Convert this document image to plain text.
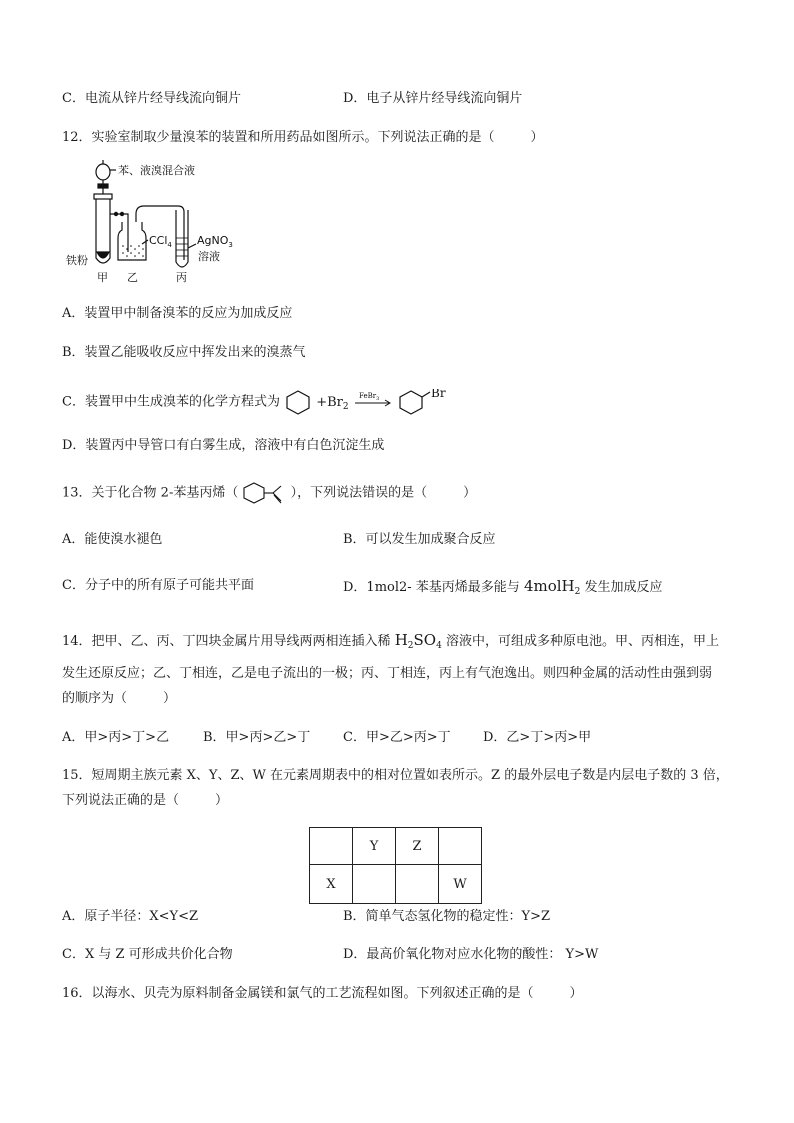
C．电流从锌片经导线流向铜片	D．电子从锌片经导线流向铜片
12．实验室制取少量溴苯的装置和所用药品如图所示。下列说法正确的是（	）
苯、液溴混合液
铁粉
CCl$_4$ AgNO$_3$
溶液
甲 乙	丙
A．装置甲中制备溴苯的反应为加成反应
B．装置乙能吸收反应中挥发出来的溴蒸气
C．装置甲中生成溴苯的化学方程式为	$+Br_2$
FeBr$_3$
	Br
D．装置丙中导管口有白雾生成，溶液中有白色沉淀生成
13．关于化合物 2-苯基丙烯（	），下列说法错误的是（	）
A．能使溴水褪色	B．可以发生加成聚合反应
C．分子中的所有原子可能共平面	D．1mol2- 苯基丙烯最多能与 4molH$_2$ 发生加成反应
14．把甲、乙、丙、丁四块金属片用导线两两相连插入稀 $H_2SO_4$ 溶液中，可组成多种原电池。甲、丙相连，甲上
发生还原反应；乙、丁相连，乙是电子流出的一极；丙、丁相连，丙上有气泡逸出。则四种金属的活动性由强到弱
的顺序为（	）
A．甲>丙>丁>乙	B．甲>丙>乙>丁	C．甲>乙>丙>丁 D．乙>丁>丙>甲
15．短周期主族元素 X、Y、Z、W 在元素周期表中的相对位置如表所示。Z 的最外层电子数是内层电子数的 3 倍，
下列说法正确的是（	）
	Y	Z	
X			W
A．原子半径：X<Y<Z	B．简单气态氢化物的稳定性：Y>Z
C．X 与 Z 可形成共价化合物	D．最高价氧化物对应水化物的酸性： Y>W
16．以海水、贝壳为原料制备金属镁和氯气的工艺流程如图。下列叙述正确的是（	）
